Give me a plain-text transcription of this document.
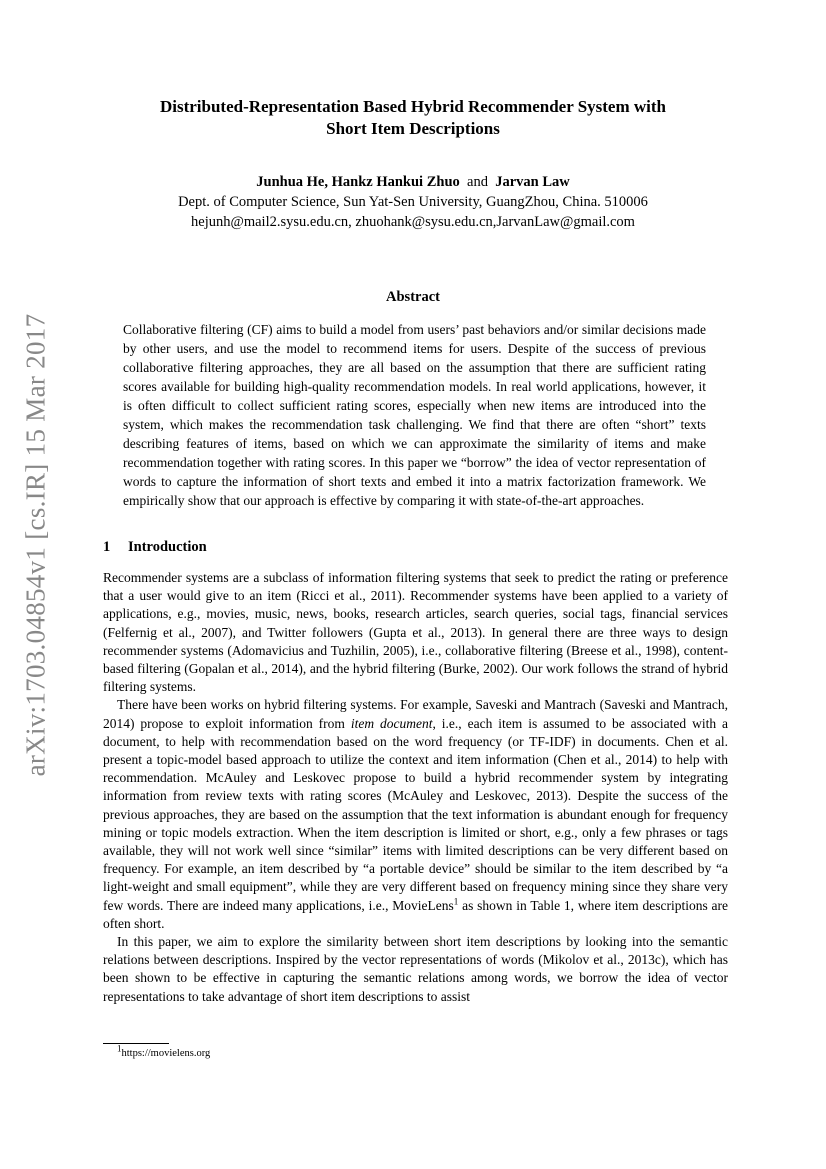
arXiv:1703.04854v1 [cs.IR] 15 Mar 2017
Distributed-Representation Based Hybrid Recommender System with
Short Item Descriptions
Junhua He, Hankz Hankui Zhuo and Jarvan Law
Dept. of Computer Science, Sun Yat-Sen University, GuangZhou, China. 510006
hejunh@mail2.sysu.edu.cn, zhuohank@sysu.edu.cn,JarvanLaw@gmail.com
Abstract
Collaborative filtering (CF) aims to build a model from users’ past behaviors and/or similar decisions made by other users, and use the model to recommend items for users. Despite of the success of previous collaborative filtering approaches, they are all based on the assumption that there are sufficient rating scores available for building high-quality recommendation models. In real world applications, however, it is often difficult to collect sufficient rating scores, especially when new items are introduced into the system, which makes the recommendation task challenging. We find that there are often “short” texts describing features of items, based on which we can approximate the similarity of items and make recommendation together with rating scores. In this paper we “borrow” the idea of vector representation of words to capture the information of short texts and embed it into a matrix factorization framework. We empirically show that our approach is effective by comparing it with state-of-the-art approaches.
1 Introduction

Recommender systems are a subclass of information filtering systems that seek to predict the rating or preference that a user would give to an item (Ricci et al., 2011). Recommender systems have been applied to a variety of applications, e.g., movies, music, news, books, research articles, search queries, social tags, financial services (Felfernig et al., 2007), and Twitter followers (Gupta et al., 2013). In general there are three ways to design recommender systems (Adomavicius and Tuzhilin, 2005), i.e., collaborative filtering (Breese et al., 1998), content-based filtering (Gopalan et al., 2014), and the hybrid filtering (Burke, 2002). Our work follows the strand of hybrid filtering systems.

There have been works on hybrid filtering systems. For example, Saveski and Mantrach (Saveski and Mantrach, 2014) propose to exploit information from item document, i.e., each item is assumed to be associated with a document, to help with recommendation based on the word frequency (or TF-IDF) in documents. Chen et al. present a topic-model based approach to utilize the context and item information (Chen et al., 2014) to help with recommendation. McAuley and Leskovec propose to build a hybrid recommender system by integrating information from review texts with rating scores (McAuley and Leskovec, 2013). Despite the success of the previous approaches, they are based on the assumption that the text information is abundant enough for frequency mining or topic models extraction. When the item description is limited or short, e.g., only a few phrases or tags available, they will not work well since “similar” items with limited descriptions can be very different based on frequency. For example, an item described by “a portable device” should be similar to the item described by “a light-weight and small equipment”, while they are very different based on frequency mining since they share very few words. There are indeed many applications, i.e., MovieLens$^1$ as shown in Table 1, where item descriptions are often short.

In this paper, we aim to explore the similarity between short item descriptions by looking into the semantic relations between descriptions. Inspired by the vector representations of words (Mikolov et al., 2013c), which has been shown to be effective in capturing the semantic relations among words, we borrow the idea of vector representations to take advantage of short item descriptions to assist

$^1$https://movielens.org
